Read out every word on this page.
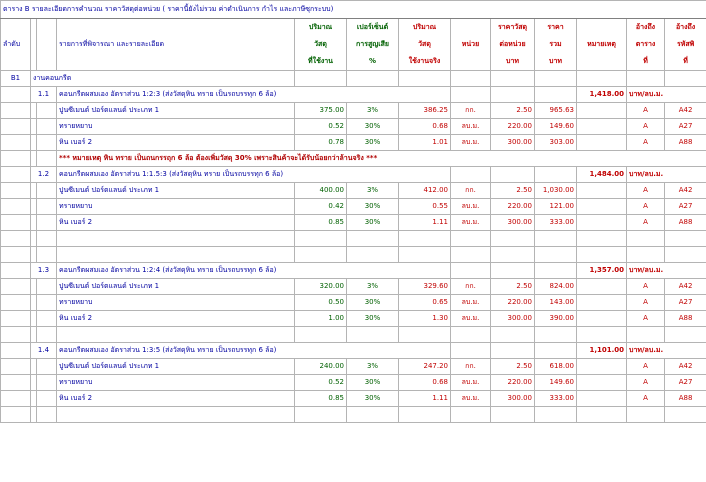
ตาราง B รายละเอียดการคำนวณ ราคาวัสดุต่อหน่วย ( ราคานี้ยังไม่รวม ค่าดำเนินการ กำไร และภาษีซุกระบบ)													
				ปริมาณ	เปอร์เซ็นต์	ปริมาณ		ราคาวัสดุ	ราคา		อ้างถึง	อ้างถึง	
ลำดับ			รายการที่พิจารณา และรายละเอียด	วัสดุ	การสูญเสีย	วัสดุ	หน่วย	ต่อหน่วย	รวม	หมายเหตุ	ตาราง	รหัสพิ	
				ที่ใช้งาน	%	ใช้งานจริง		บาท	บาท		ที่	ที่	
B1	งานคอนกรีต												
	1.1		คอนกรีตผสมเอง อัตราส่วน 1:2:3 (ส่งวัสดุหิน ทราย เป็นรถบรรทุก 6 ล้อ)							1,418.00	บาท/ลบ.ม.		
			ปูนซีเมนต์ ปอร์ตแลนด์ ประเภท 1	375.00	3%	386.25	กก.	2.50	965.63		A	A42	
			ทรายหยาบ	0.52	30%	0.68	ลบ.ม.	220.00	149.60		A	A27	
			หิน เบอร์ 2	0.78	30%	1.01	ลบ.ม.	300.00	303.00		A	A88	
			*** หมายเหตุ หิน ทราย เป็นถนกรรถุก 6 ล้อ ต้องเพิ่มวัสดุ 30% เพราะสินค้าจะได้รับน้อยกว่าล้านจริง ***										
	1.2		คอนกรีตผสมเอง อัตราส่วน 1:1.5:3 (ส่งวัสดุหิน ทราย เป็นรถบรรทุก 6 ล้อ)							1,484.00	บาท/ลบ.ม.		
			ปูนซีเมนต์ ปอร์ตแลนด์ ประเภท 1	400.00	3%	412.00	กก.	2.50	1,030.00		A	A42	
			ทรายหยาบ	0.42	30%	0.55	ลบ.ม.	220.00	121.00		A	A27	
			หิน เบอร์ 2	0.85	30%	1.11	ลบ.ม.	300.00	333.00		A	A88	

	1.3		คอนกรีตผสมเอง อัตราส่วน 1:2:4 (ส่งวัสดุหิน ทราย เป็นรถบรรทุก 6 ล้อ)							1,357.00	บาท/ลบ.ม.		
			ปูนซีเมนต์ ปอร์ตแลนด์ ประเภท 1	320.00	3%	329.60	กก.	2.50	824.00		A	A42	
			ทรายหยาบ	0.50	30%	0.65	ลบ.ม.	220.00	143.00		A	A27	
			หิน เบอร์ 2	1.00	30%	1.30	ลบ.ม.	300.00	390.00		A	A88	

	1.4		คอนกรีตผสมเอง อัตราส่วน 1:3:5 (ส่งวัสดุหิน ทราย เป็นรถบรรทุก 6 ล้อ)							1,101.00	บาท/ลบ.ม.		
			ปูนซีเมนต์ ปอร์ตแลนด์ ประเภท 1	240.00	3%	247.20	กก.	2.50	618.00		A	A42	
			ทรายหยาบ	0.52	30%	0.68	ลบ.ม.	220.00	149.60		A	A27	
			หิน เบอร์ 2	0.85	30%	1.11	ลบ.ม.	300.00	333.00		A	A88	
